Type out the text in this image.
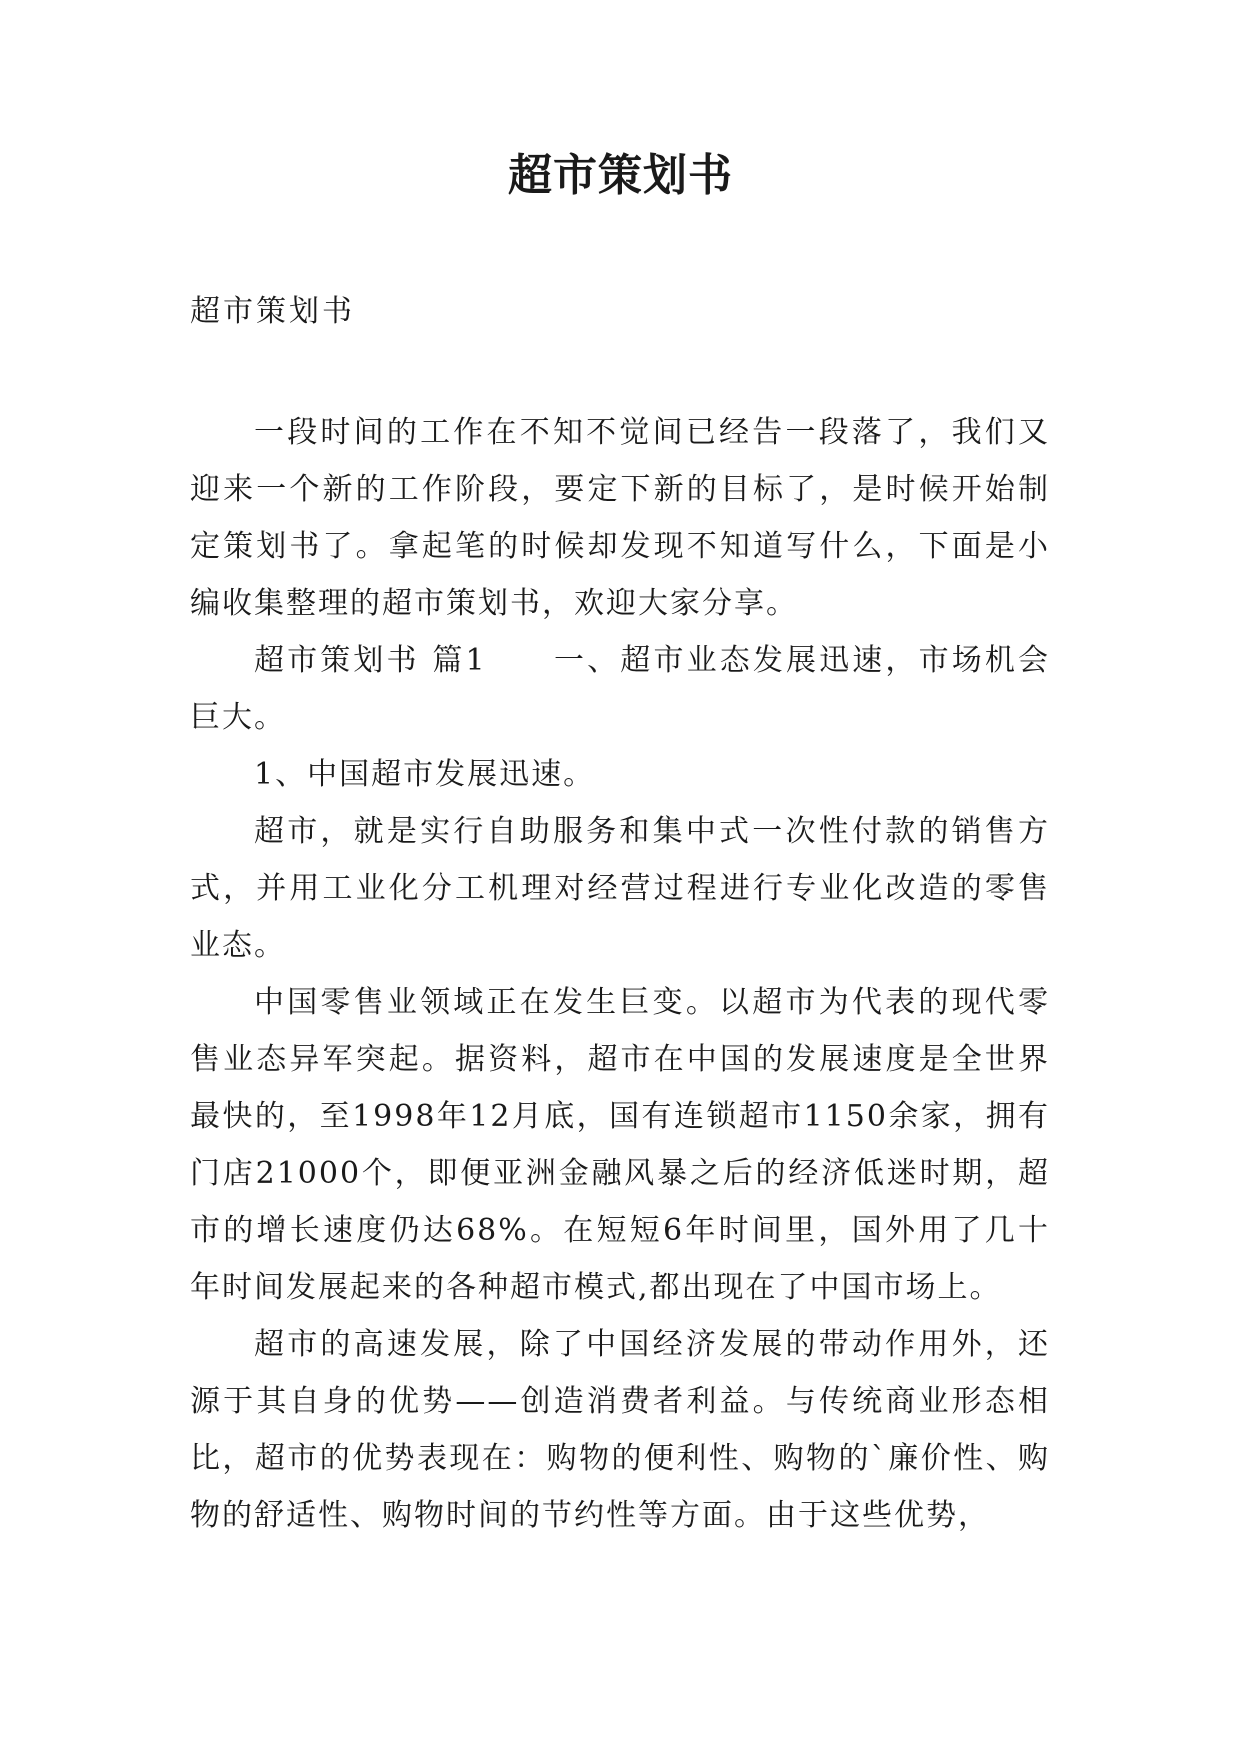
超市策划书
超市策划书

一段时间的工作在不知不觉间已经告一段落了，我们又迎来一个新的工作阶段，要定下新的目标了，是时候开始制定策划书了。拿起笔的时候却发现不知道写什么，下面是小编收集整理的超市策划书，欢迎大家分享。

超市策划书 篇1　　一、超市业态发展迅速，市场机会巨大。

1、中国超市发展迅速。

超市，就是实行自助服务和集中式一次性付款的销售方式，并用工业化分工机理对经营过程进行专业化改造的零售业态。

中国零售业领域正在发生巨变。以超市为代表的现代零售业态异军突起。据资料，超市在中国的发展速度是全世界最快的，至1998年12月底，国有连锁超市1150余家，拥有门店21000个，即便亚洲金融风暴之后的经济低迷时期，超市的增长速度仍达68%。在短短6年时间里，国外用了几十年时间发展起来的各种超市模式,都出现在了中国市场上。

超市的高速发展，除了中国经济发展的带动作用外，还源于其自身的优势——创造消费者利益。与传统商业形态相比，超市的优势表现在：购物的便利性、购物的`廉价性、购物的舒适性、购物时间的节约性等方面。由于这些优势，
